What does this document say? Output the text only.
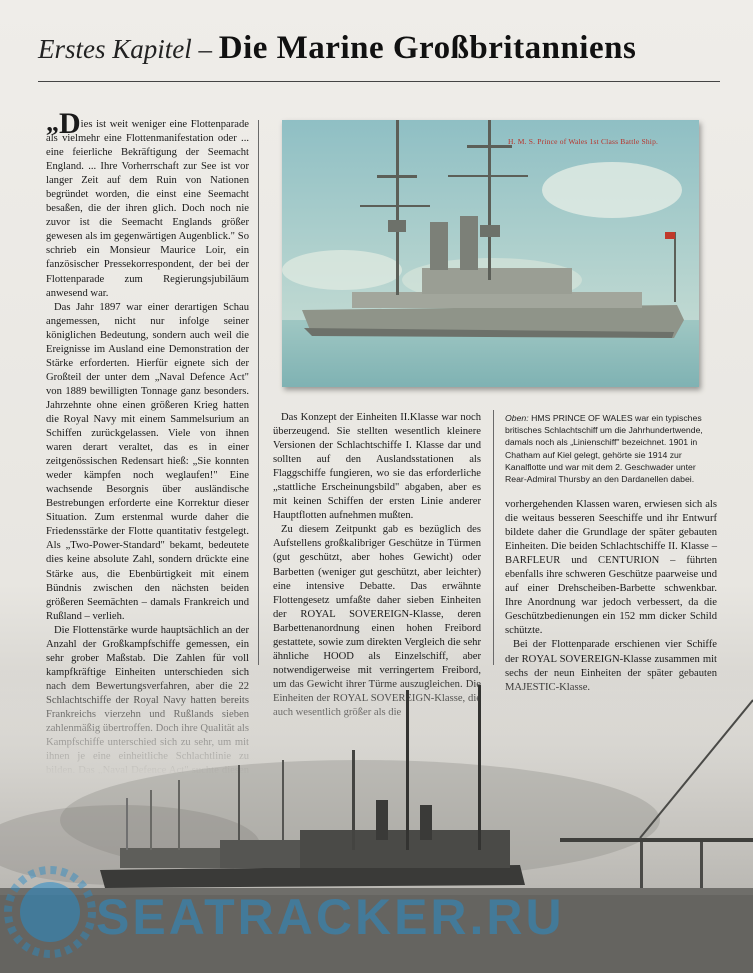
Erstes Kapitel – Die Marine Großbritanniens

„Dies ist weit weniger eine Flottenparade als vielmehr eine Flottenmanifestation oder ... eine feierliche Bekräftigung der Seemacht England. ... Ihre Vorherrschaft zur See ist vor langer Zeit auf dem Ruin von Nationen begründet worden, die einst eine Seemacht besaßen, die der ihren glich. Doch noch nie zuvor ist die Seemacht Englands größer gewesen als im gegenwärtigen Augenblick." So schrieb ein Monsieur Maurice Loir, ein fanzösischer Pressekorrespondent, der bei der Flottenparade zum Regierungsjubiläum anwesend war.

Das Jahr 1897 war einer derartigen Schau angemessen, nicht nur infolge seiner königlichen Bedeutung, sondern auch weil die Ereignisse im Ausland eine Demonstration der Stärke erforderten. Hierfür eignete sich der Großteil der unter dem „Naval Defence Act" von 1889 bewilligten Tonnage ganz besonders. Jahrzehnte ohne einen größeren Krieg hatten die Royal Navy mit einem Sammelsurium an Schiffen zurückgelassen. Viele von ihnen waren derart veraltet, das es in einer zeitgenössischen Redensart hieß: „Sie konnten weder kämpfen noch weglaufen!" Eine wachsende Besorgnis über ausländische Bestrebungen erforderte eine Korrektur dieser Situation. Zum erstenmal wurde daher die Friedensstärke der Flotte quantitativ festgelegt. Als „Two-Power-Standard" bekamt, bedeutete dies keine absolute Zahl, sondern drückte eine Stärke aus, die Ebenbürtigkeit mit einem Bündnis zwischen den nächsten beiden größeren Seemächten – damals Frankreich und Rußland – verlieh.

Die Flottenstärke wurde hauptsächlich an der Anzahl der Großkampfschiffe gemessen, ein sehr grober Maßstab. Die Zahlen für voll

H. M. S. Prince of Wales 1st Class Battle Ship.

Das Konzept der Einheiten II.Klasse war noch überzeugend. Sie stellten wesentlich kleinere Versionen der Schlachtschiffe I. Klasse dar und sollten auf den Auslandsstationen als Flaggschiffe fungieren, wo sie das erforderliche „stattliche Erscheinungsbild" abgaben, aber es mit keinen Schiffen der ersten Linie anderer Hauptflotten aufnehmen mußten.

Zu diesem Zeitpunkt gab es bezüglich des Aufstellens großkalibriger Geschütze in Türmen (gut geschützt, aber hohes Gewicht) oder Barbetten (weniger gut geschützt, aber leichter) eine intensive Debatte. Das erwähnte Flottengesetz umfaßte daher sieben Einheiten der ROYAL SOVEREIGN-Klasse, deren Barbettenanordnung einen hohen Freibord gestattete, sowie zum direkten Vergleich die sehr ähnliche HOOD als Einzelschiff, aber

Oben: HMS PRINCE OF WALES war ein typisches britisches Schlachtschiff um die Jahrhundertwende, damals noch als „Linienschiff" bezeichnet. 1901 in Chatham auf Kiel gelegt, gehörte sie 1914 zur Kanalflotte und war mit dem 2. Geschwader unter Rear-Admiral Thursby an den Dardanellen dabei.

vorhergehenden Klassen waren, erwiesen sich als die weitaus besseren Seeschiffe und ihr Entwurf bildete daher die Grundlage der später gebauten Einheiten. Die beiden Schlachtschiffe II. Klasse – BARFLEUR und CENTURION – führten ebenfalls ihre schweren Geschütze paarweise und auf einer Drehscheiben-Barbette schwenkbar. Ihre Anordnung war jedoch verbessert, da die Geschützbedienungen ein 152 mm dicker Schild schützte.

Bei der Flottenparade erschienen vier Schiffe der ROYAL SOVEREIGN-Klasse zusammen mit

SEATRACKER.RU
